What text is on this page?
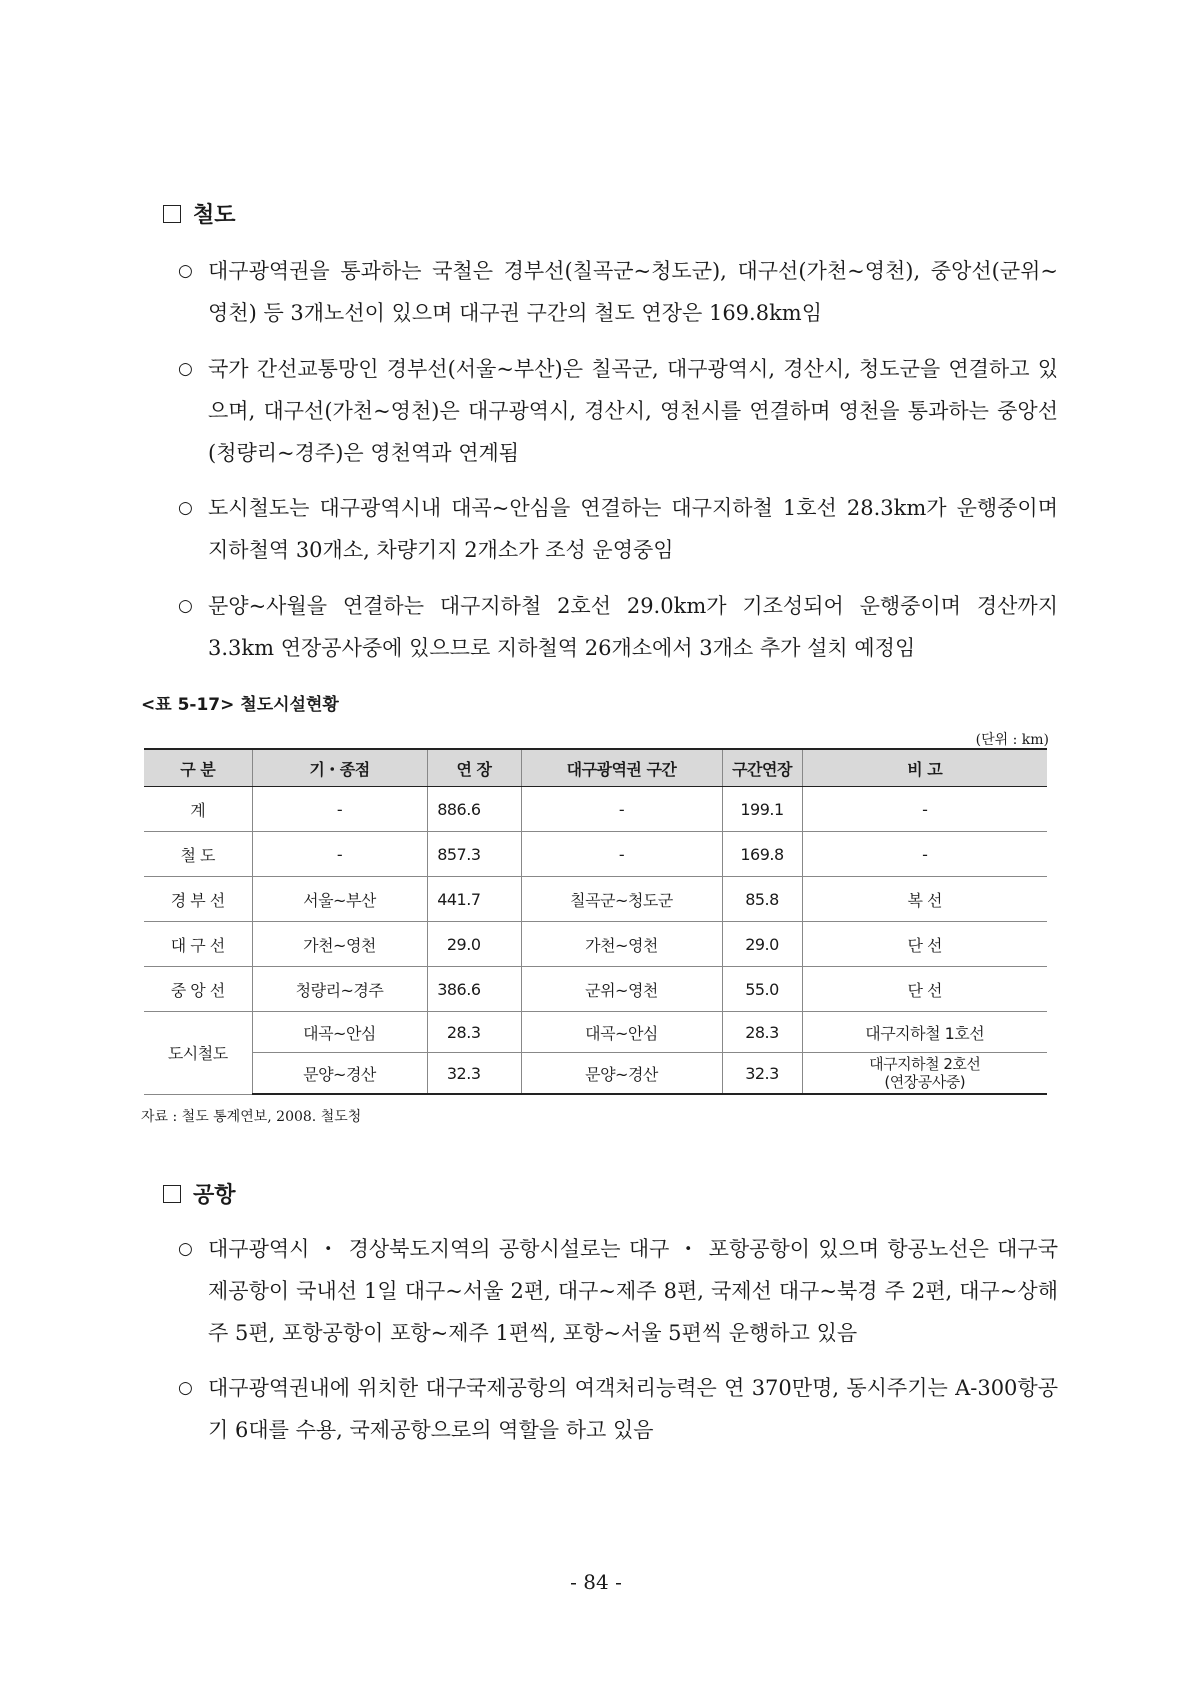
철도
○ 대구광역권을 통과하는 국철은 경부선(칠곡군~청도군), 대구선(가천~영천), 중앙선(군위~영천) 등 3개노선이 있으며 대구권 구간의 철도 연장은 169.8km임
○ 국가 간선교통망인 경부선(서울~부산)은 칠곡군, 대구광역시, 경산시, 청도군을 연결하고 있으며, 대구선(가천~영천)은 대구광역시, 경산시, 영천시를 연결하며 영천을 통과하는 중앙선(청량리~경주)은 영천역과 연계됨
○ 도시철도는 대구광역시내 대곡~안심을 연결하는 대구지하철 1호선 28.3km가 운행중이며 지하철역 30개소, 차량기지 2개소가 조성 운영중임
○ 문양~사월을 연결하는 대구지하철 2호선 29.0km가 기조성되어 운행중이며 경산까지 3.3km 연장공사중에 있으므로 지하철역 26개소에서 3개소 추가 설치 예정임
<표 5-17> 철도시설현황
(단위 : km)
구 분	기・종점	연 장	대구광역권 구간	구간연장	비 고
계	-	886.6	-	199.1	-
철 도	-	857.3	-	169.8	-
경 부 선	서울~부산	441.7	칠곡군~청도군	85.8	복 선
대 구 선	가천~영천	29.0	가천~영천	29.0	단 선
중 앙 선	청량리~경주	386.6	군위~영천	55.0	단 선
도시철도	대곡~안심	28.3	대곡~안심	28.3	대구지하철 1호선
	문양~경산	32.3	문양~경산	32.3	대구지하철 2호선
(연장공사중)
자료 : 철도 통계연보, 2008. 철도청
공항
○ 대구광역시 ・ 경상북도지역의 공항시설로는 대구 ・ 포항공항이 있으며 항공노선은 대구국제공항이 국내선 1일 대구~서울 2편, 대구~제주 8편, 국제선 대구~북경 주 2편, 대구~상해 주 5편, 포항공항이 포항~제주 1편씩, 포항~서울 5편씩 운행하고 있음
○ 대구광역권내에 위치한 대구국제공항의 여객처리능력은 연 370만명, 동시주기는 A-300항공기 6대를 수용, 국제공항으로의 역할을 하고 있음
- 84 -
